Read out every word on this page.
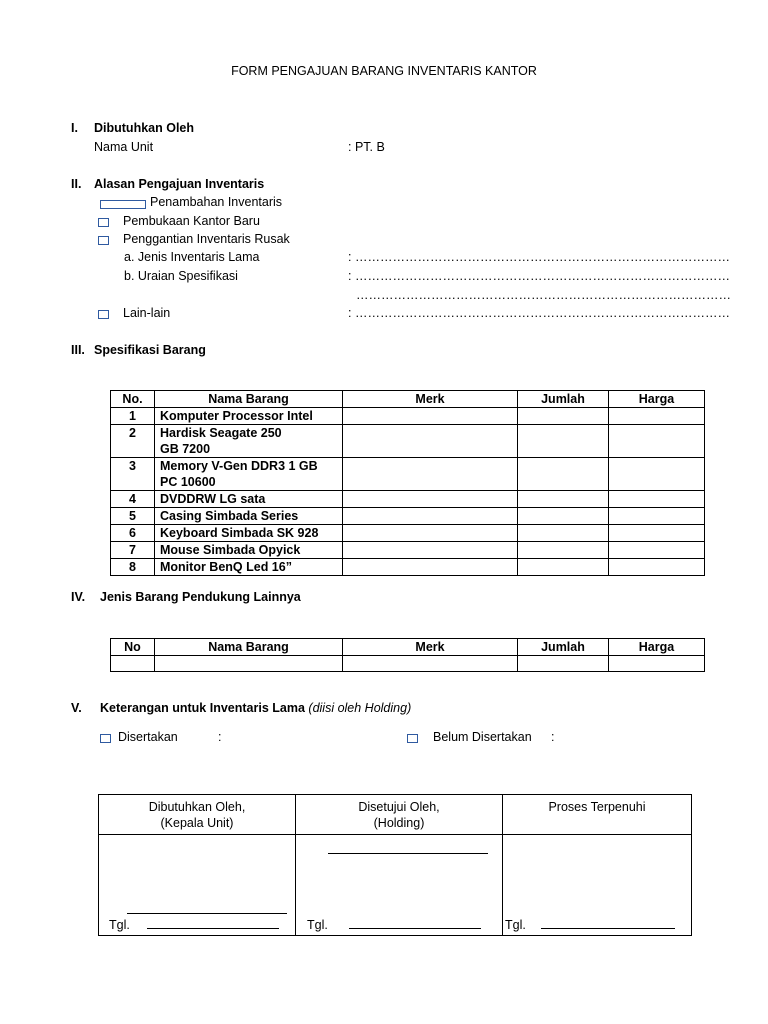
FORM PENGAJUAN BARANG INVENTARIS KANTOR
I. Dibutuhkan Oleh
Nama Unit	: PT. B
II. Alasan Pengajuan Inventaris
Penambahan Inventaris
Pembukaan Kantor Baru
Penggantian Inventaris Rusak
a. Jenis Inventaris Lama	: ………………………………………………………………………………
b. Uraian Spesifikasi	: ………………………………………………………………………………
………………………………………………………………………………
Lain-lain	: ………………………………………………………………………………
III. Spesifikasi Barang
No.	Nama Barang	Merk	Jumlah	Harga
1	Komputer Processor Intel			
2	Hardisk Seagate 250 GB 7200			
3	Memory V-Gen DDR3 1 GB PC 10600			
4	DVDDRW LG sata			
5	Casing Simbada Series			
6	Keyboard Simbada SK 928			
7	Mouse Simbada Opyick			
8	Monitor BenQ Led 16”			
IV. Jenis Barang Pendukung Lainnya
No	Nama Barang	Merk	Jumlah	Harga

V. Keterangan untuk Inventaris Lama (diisi oleh Holding)
Disertakan	:	Belum Disertakan :
Dibutuhkan Oleh,
(Kepala Unit)
Tgl.
Disetujui Oleh,
(Holding)
Tgl.
Proses Terpenuhi
Tgl.
